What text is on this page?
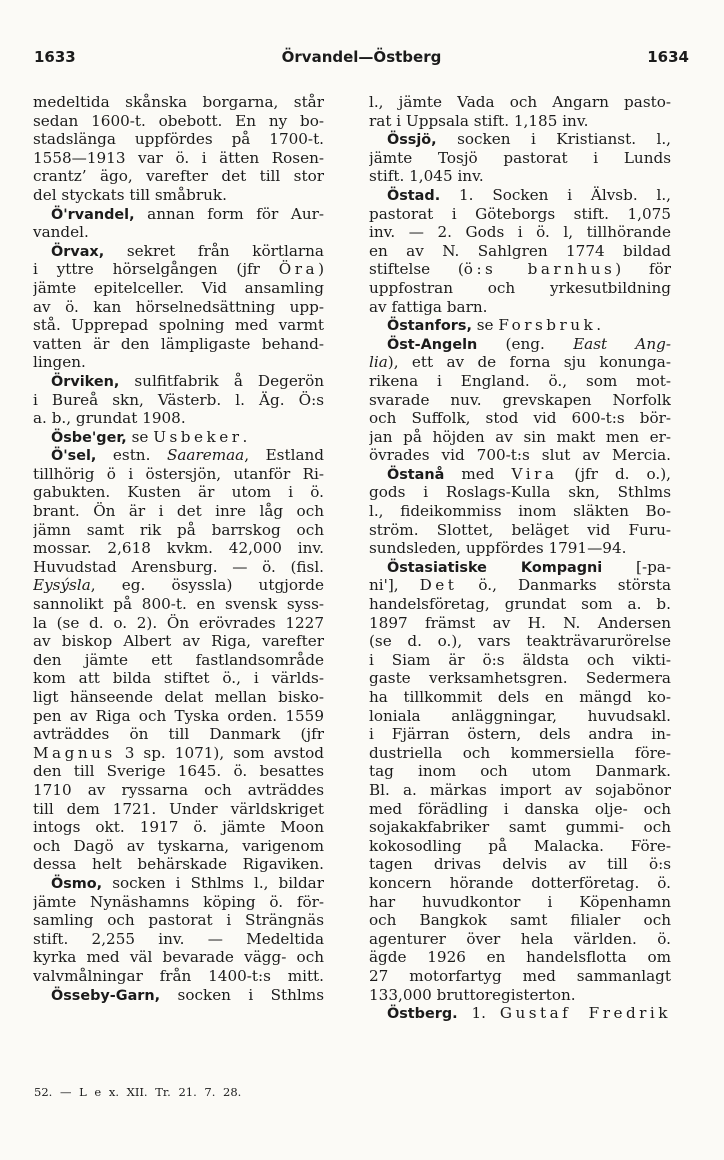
1633	Örvandel—Östberg	1634
medeltida skånska borgarna, står
sedan 1600-t. obebott. En ny bo-
stadslänga uppfördes på 1700-t.
1558—1913 var ö. i ätten Rosen-
crantz’ ägo, varefter det till stor
del styckats till småbruk.
Ö'rvandel, annan form för Aur-
vandel.
Örvax, sekret från körtlarna
i yttre hörselgången (jfr Öra)
jämte epitelceller. Vid ansamling
av ö. kan hörselnedsättning upp-
stå. Upprepad spolning med varmt
vatten är den lämpligaste behand-
lingen.
Örviken, sulfitfabrik å Degerön
i Bureå skn, Västerb. l. Äg. Ö:s
a. b., grundat 1908.
Ösbe'ger, se Usbeker.
Ö'sel, estn. Saaremaa, Estland
tillhörig ö i östersjön, utanför Ri-
gabukten. Kusten är utom i ö.
brant. Ön är i det inre låg och
jämn samt rik på barrskog och
mossar. 2,618 kvkm. 42,000 inv.
Huvudstad Arensburg. — ö. (fisl.
Eysýsla, eg. ösyssla) utgjorde
sannolikt på 800-t. en svensk syss-
la (se d. o. 2). Ön erövrades 1227
av biskop Albert av Riga, varefter
den jämte ett fastlandsområde
kom att bilda stiftet ö., i världs-
ligt hänseende delat mellan bisko-
pen av Riga och Tyska orden. 1559
avträddes ön till Danmark (jfr
Magnus 3 sp. 1071), som avstod
den till Sverige 1645. ö. besattes
1710 av ryssarna och avträddes
till dem 1721. Under världskriget
intogs okt. 1917 ö. jämte Moon
och Dagö av tyskarna, varigenom
dessa helt behärskade Rigaviken.
Ösmo, socken i Sthlms l., bildar
jämte Nynäshamns köping ö. för-
samling och pastorat i Strängnäs
stift. 2,255 inv. — Medeltida
kyrka med väl bevarade vägg- och
valvmålningar från 1400-t:s mitt.
Össeby-Garn, socken i Sthlms
l., jämte Vada och Angarn pasto-
rat i Uppsala stift. 1,185 inv.
Össjö, socken i Kristianst. l.,
jämte Tosjö pastorat i Lunds
stift. 1,045 inv.
Östad. 1. Socken i Älvsb. l.,
pastorat i Göteborgs stift. 1,075
inv. — 2. Gods i ö. l, tillhörande
en av N. Sahlgren 1774 bildad
stiftelse (ö:s barnhus) för
uppfostran och yrkesutbildning
av fattiga barn.
Östanfors, se Forsbruk.
Öst-Angeln (eng. East Ang-
lia), ett av de forna sju konunga-
rikena i England. ö., som mot-
svarade nuv. grevskapen Norfolk
och Suffolk, stod vid 600-t:s bör-
jan på höjden av sin makt men er-
övrades vid 700-t:s slut av Mercia.
Östanå med Vira (jfr d. o.),
gods i Roslags-Kulla skn, Sthlms
l., fideikommiss inom släkten Bo-
ström. Slottet, beläget vid Furu-
sundsleden, uppfördes 1791—94.
Östasiatiske Kompagni [-pa-
ni'], Det ö., Danmarks största
handelsföretag, grundat som a. b.
1897 främst av H. N. Andersen
(se d. o.), vars teakträvarurörelse
i Siam är ö:s äldsta och vikti-
gaste verksamhetsgren. Sedermera
ha tillkommit dels en mängd ko-
loniala anläggningar, huvudsakl.
i Fjärran östern, dels andra in-
dustriella och kommersiella före-
tag inom och utom Danmark.
Bl. a. märkas import av sojabönor
med förädling i danska olje- och
sojakakfabriker samt gummi- och
kokosodling på Malacka. Före-
tagen drivas delvis av till ö:s
koncern hörande dotterföretag. ö.
har huvudkontor i Köpenhamn
och Bangkok samt filialer och
agenturer över hela världen. ö.
ägde 1926 en handelsflotta om
27 motorfartyg med sammanlagt
133,000 bruttoregisterton.
Östberg. 1. Gustaf Fredrik
52. — L e x. XII. Tr. 21. 7. 28.
